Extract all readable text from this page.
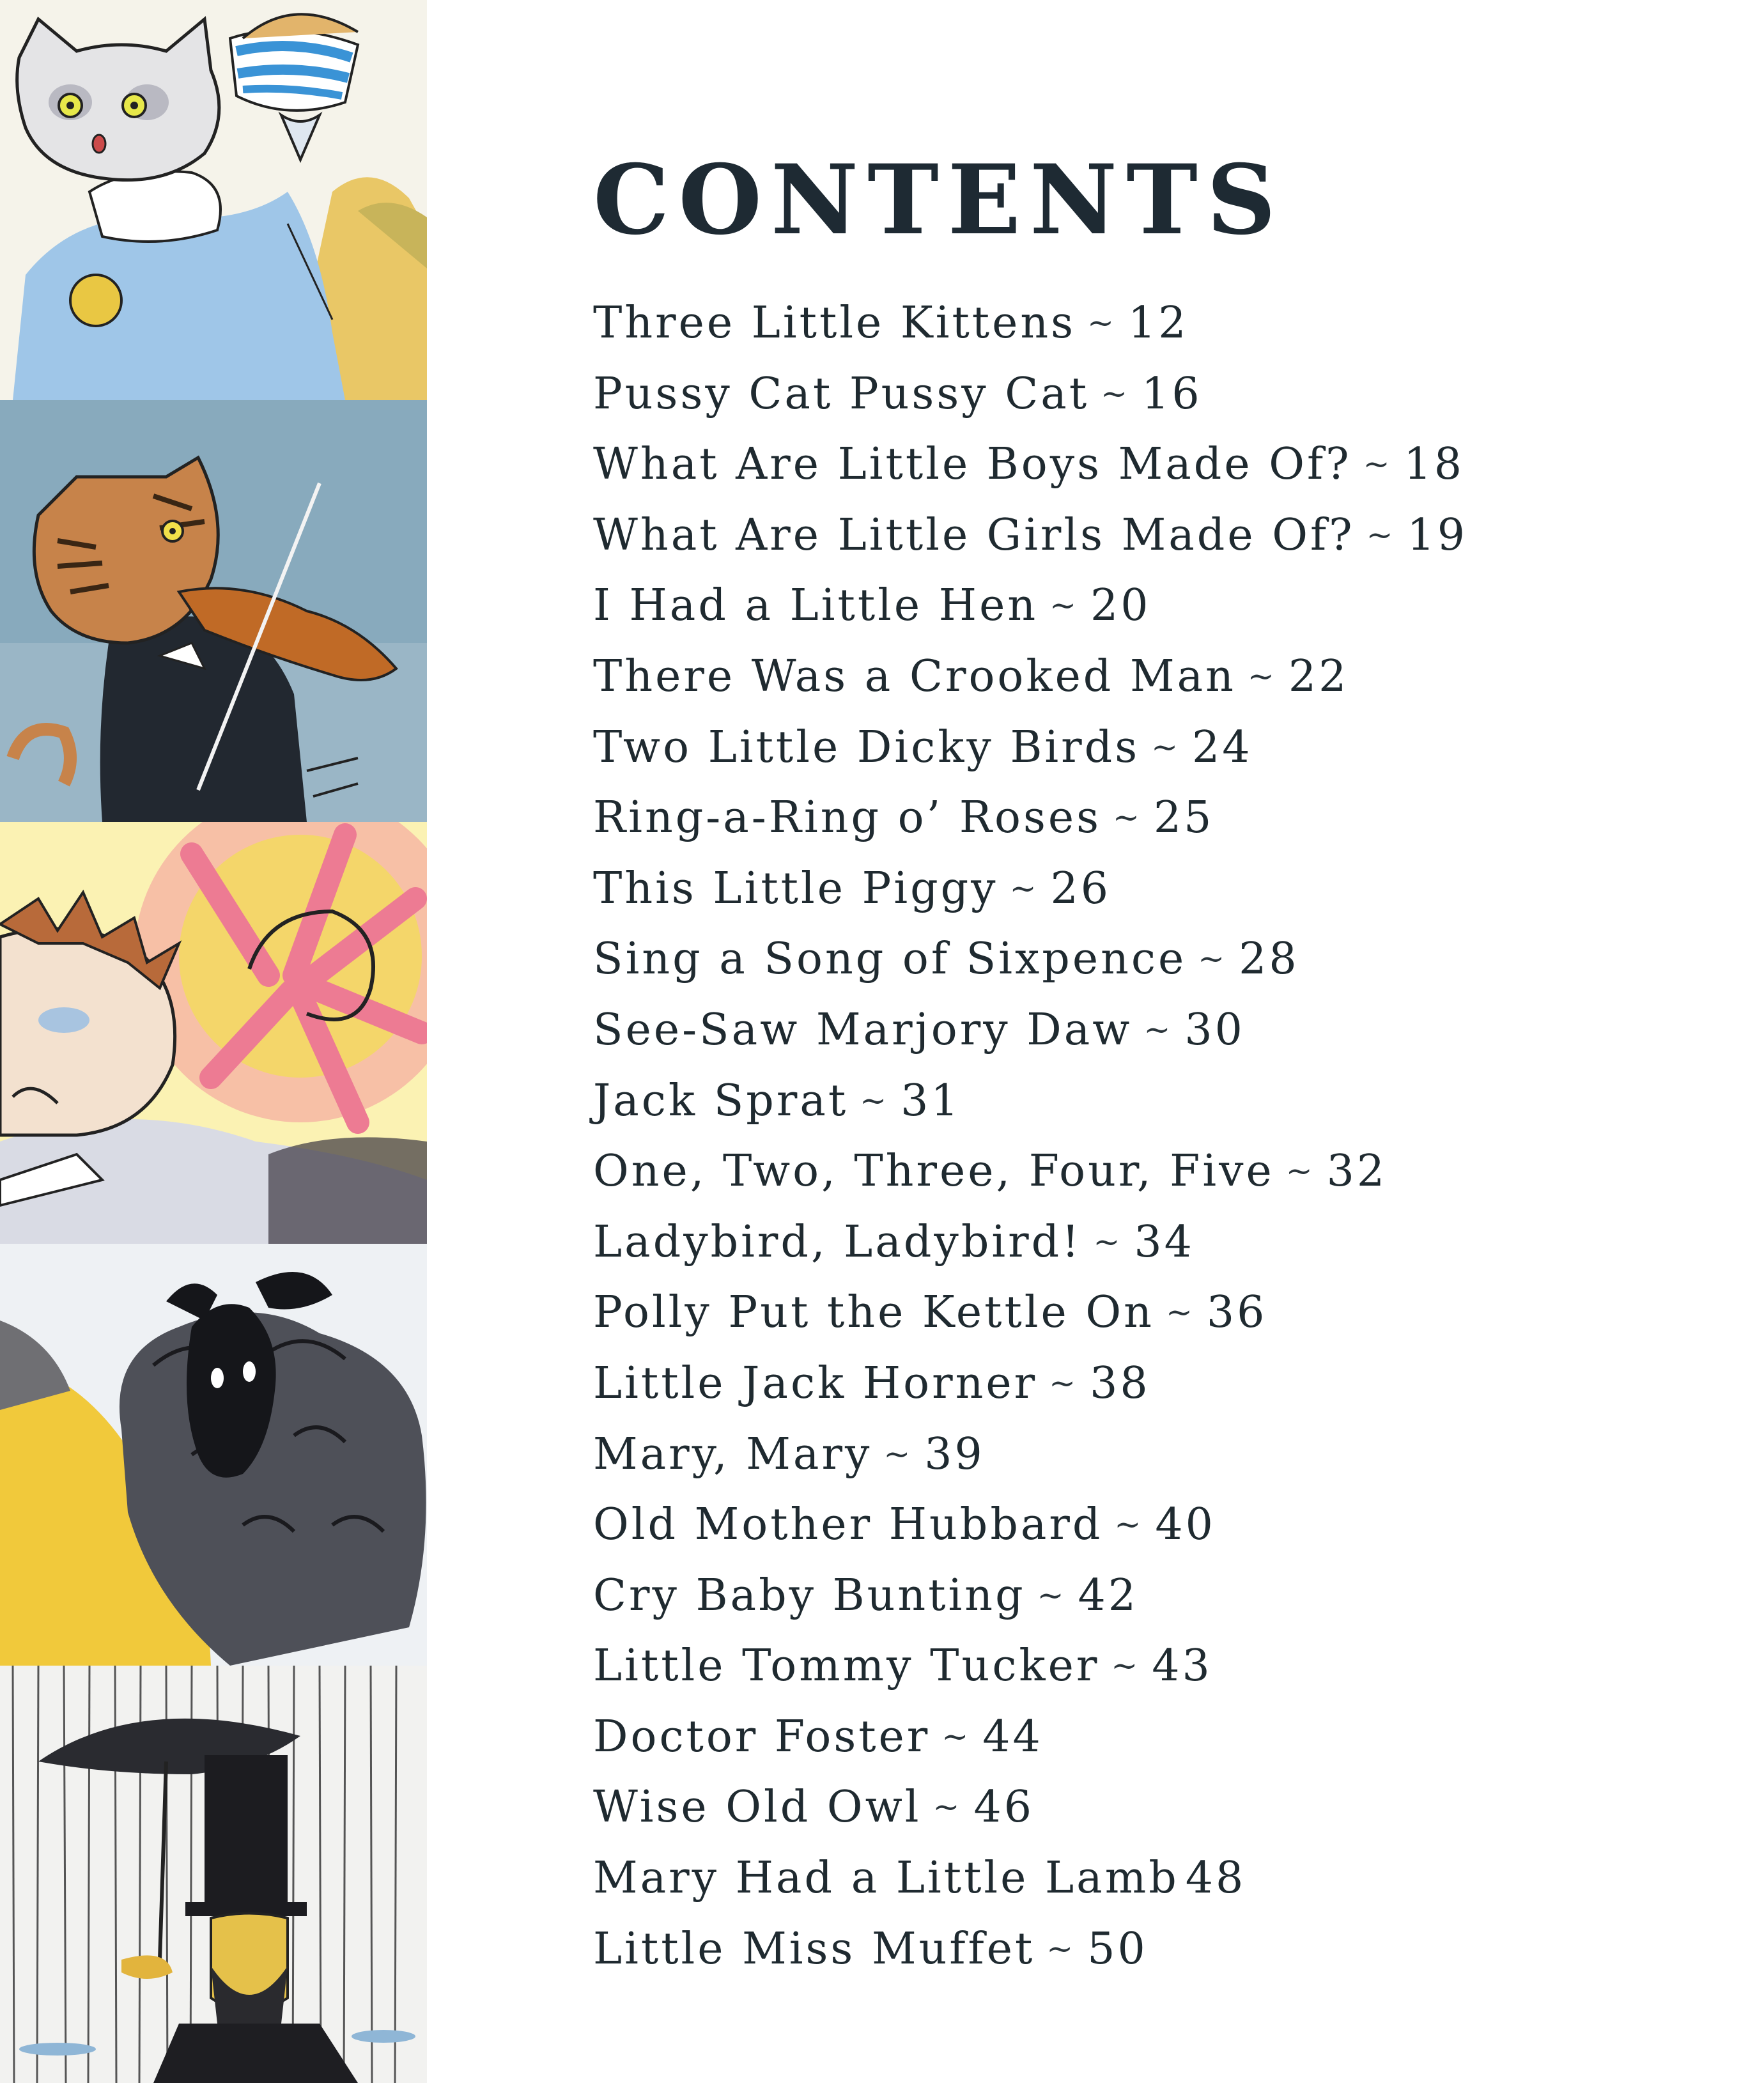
CONTENTS
Three Little Kittens ~ 12
Pussy Cat Pussy Cat ~ 16
What Are Little Boys Made Of? ~ 18
What Are Little Girls Made Of? ~ 19
I Had a Little Hen ~ 20
There Was a Crooked Man ~ 22
Two Little Dicky Birds ~ 24
Ring-a-Ring o’ Roses ~ 25
This Little Piggy ~ 26
Sing a Song of Sixpence ~ 28
See-Saw Marjory Daw ~ 30
Jack Sprat ~ 31
One, Two, Three, Four, Five ~ 32
Ladybird, Ladybird! ~ 34
Polly Put the Kettle On ~ 36
Little Jack Horner ~ 38
Mary, Mary ~ 39
Old Mother Hubbard ~ 40
Cry Baby Bunting ~ 42
Little Tommy Tucker ~ 43
Doctor Foster ~ 44
Wise Old Owl ~ 46
Mary Had a Little Lamb 48
Little Miss Muffet ~ 50
